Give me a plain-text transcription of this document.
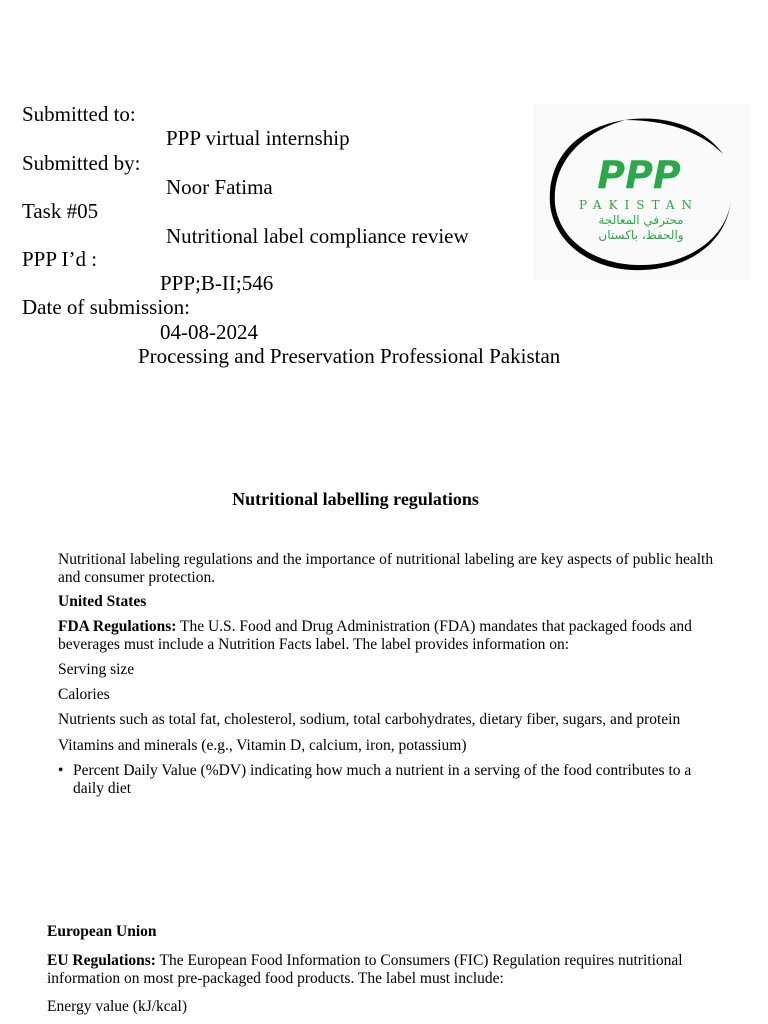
Submitted to:
PPP virtual internship
Submitted by:
Noor Fatima
Task #05
Nutritional label compliance review
PPP I’d :
PPP;B-II;546
Date of submission:
04-08-2024
Processing and Preservation Professional Pakistan
PPP
PAKISTAN
محترفي المعالجة
والحفظ، باكستان
Nutritional labelling regulations
Nutritional labeling regulations and the importance of nutritional labeling are key aspects of public health and consumer protection.
United States
FDA Regulations: The U.S. Food and Drug Administration (FDA) mandates that packaged foods and beverages must include a Nutrition Facts label. The label provides information on:
Serving size
Calories
Nutrients such as total fat, cholesterol, sodium, total carbohydrates, dietary fiber, sugars, and protein
Vitamins and minerals (e.g., Vitamin D, calcium, iron, potassium)
• Percent Daily Value (%DV) indicating how much a nutrient in a serving of the food contributes to a daily diet
European Union
EU Regulations: The European Food Information to Consumers (FIC) Regulation requires nutritional information on most pre-packaged food products. The label must include:
Energy value (kJ/kcal)
